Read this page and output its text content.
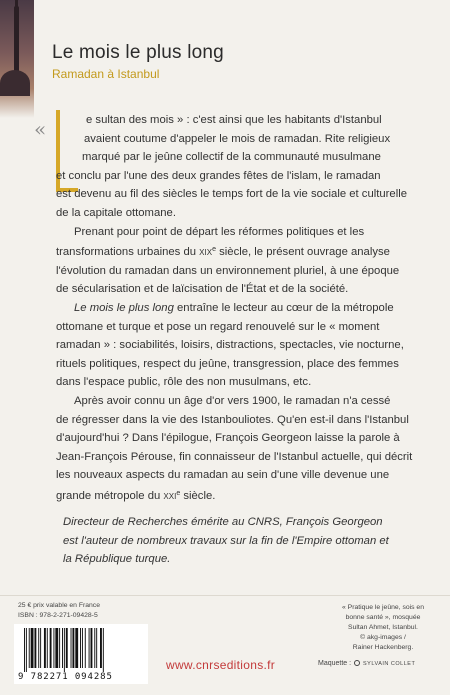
Le mois le plus long
Ramadan à Istanbul
«	e sultan des mois » : c'est ainsi que les habitants d'Istanbul
avaient coutume d'appeler le mois de ramadan. Rite religieux
marqué par le jeûne collectif de la communauté musulmane
et conclu par l'une des deux grandes fêtes de l'islam, le ramadan
est devenu au fil des siècles le temps fort de la vie sociale et culturelle
de la capitale ottomane.
Prenant pour point de départ les réformes politiques et les
transformations urbaines du xix$^e$ siècle, le présent ouvrage analyse
l'évolution du ramadan dans un environnement pluriel, à une époque
de sécularisation et de laïcisation de l'État et de la société.
Le mois le plus long entraîne le lecteur au cœur de la métropole
ottomane et turque et pose un regard renouvelé sur le « moment
ramadan » : sociabilités, loisirs, distractions, spectacles, vie nocturne,
rituels politiques, respect du jeûne, transgression, place des femmes
dans l'espace public, rôle des non musulmans, etc.
Après avoir connu un âge d'or vers 1900, le ramadan n'a cessé
de régresser dans la vie des Istanbouliotes. Qu'en est-il dans l'Istanbul
d'aujourd'hui ? Dans l'épilogue, François Georgeon laisse la parole à
Jean-François Pérouse, fin connaisseur de l'Istanbul actuelle, qui décrit
les nouveaux aspects du ramadan au sein d'une ville devenue une
grande métropole du xxi$^e$ siècle.
Directeur de Recherches émérite au CNRS, François Georgeon
est l'auteur de nombreux travaux sur la fin de l'Empire ottoman et
la République turque.
25 € prix valable en France
ISBN : 978-2-271-09428-5
9 782271 094285
www.cnrseditions.fr
« Pratique le jeûne, sois en
bonne santé », mosquée
Sultan Ahmet, Istanbul.
© akg-images /
Rainer Hackenberg.
Maquette : SYLVAIN COLLET
